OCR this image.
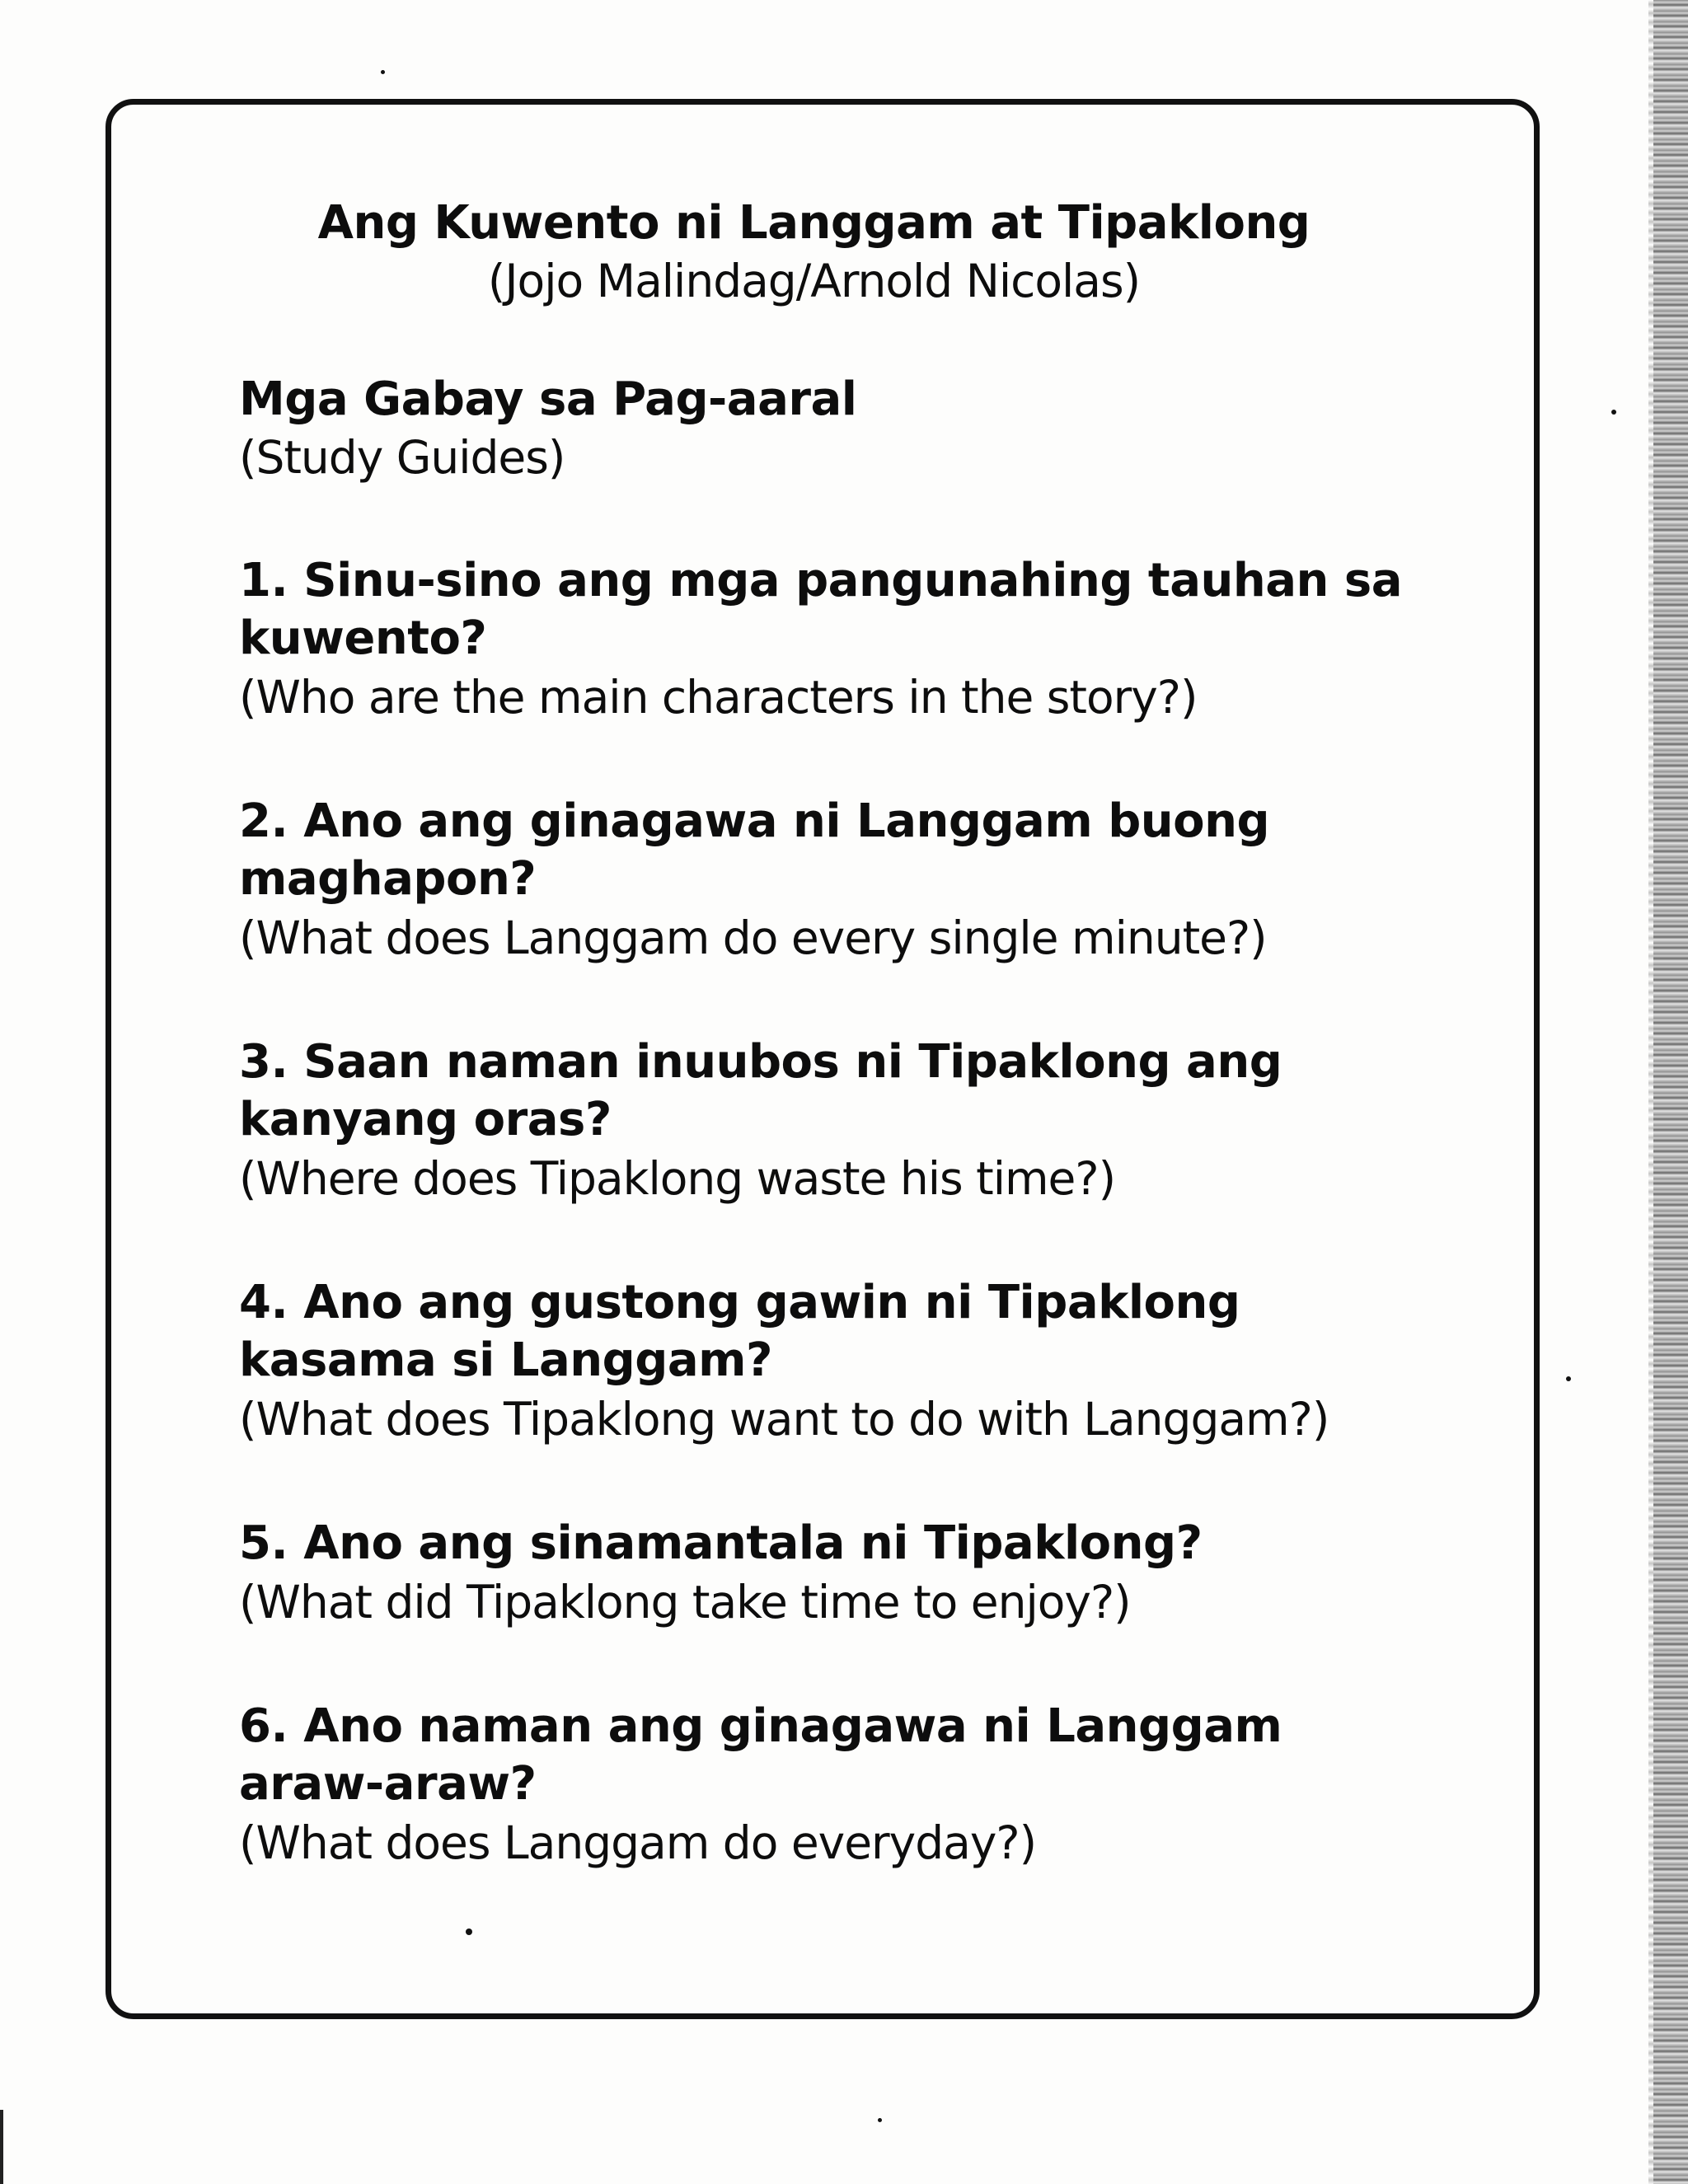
Ang Kuwento ni Langgam at Tipaklong
(Jojo Malindag/Arnold Nicolas)
Mga Gabay sa Pag-aaral
(Study Guides)
1. Sinu-sino ang mga pangunahing tauhan sa kuwento?
(Who are the main characters in the story?)
2. Ano ang ginagawa ni Langgam buong maghapon?
(What does Langgam do every single minute?)
3. Saan naman inuubos ni Tipaklong ang kanyang oras?
(Where does Tipaklong waste his time?)
4. Ano ang gustong gawin ni Tipaklong kasama si Langgam?
(What does Tipaklong want to do with Langgam?)
5. Ano ang sinamantala ni Tipaklong?
(What did Tipaklong take time to enjoy?)
6. Ano naman ang ginagawa ni Langgam araw-araw?
(What does Langgam do everyday?)
